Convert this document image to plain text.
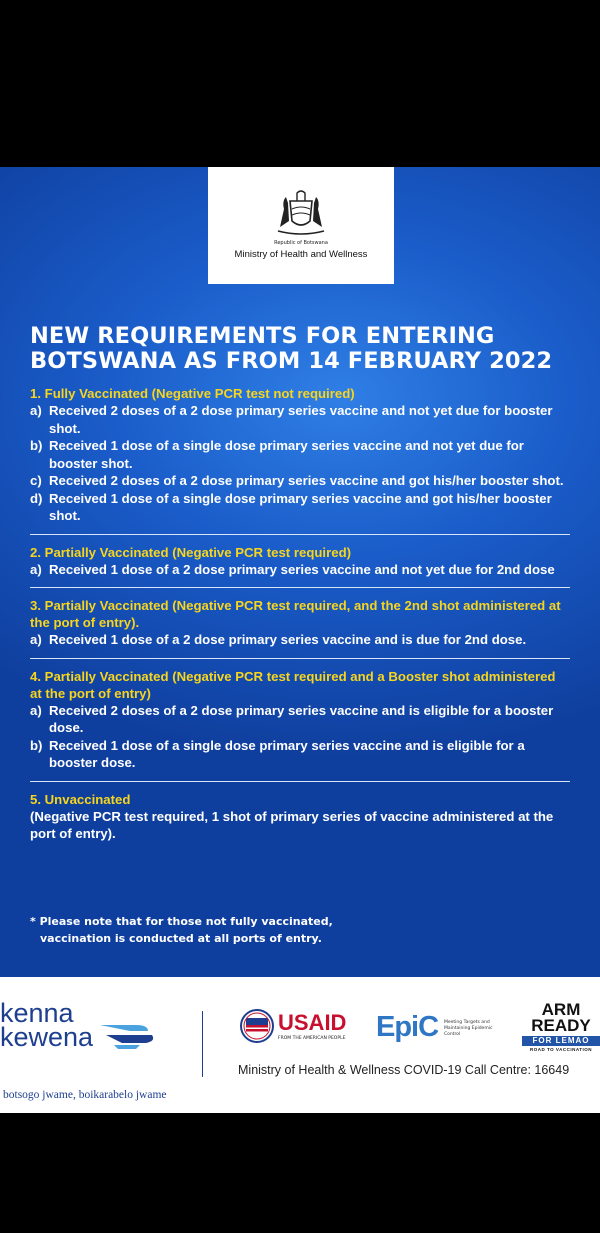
Republic of Botswana
Ministry of Health and Wellness
NEW REQUIREMENTS FOR ENTERING
BOTSWANA AS FROM 14 FEBRUARY 2022
1. Fully Vaccinated (Negative PCR test not required)
a) Received 2 doses of a 2 dose primary series vaccine and not yet due for booster shot.
b) Received 1 dose of a single dose primary series vaccine and not yet due for booster shot.
c) Received 2 doses of a 2 dose primary series vaccine and got his/her booster shot.
d) Received 1 dose of a single dose primary series vaccine and got his/her booster shot.
2. Partially Vaccinated (Negative PCR test required)
a) Received 1 dose of a 2 dose primary series vaccine and not yet due for 2nd dose
3. Partially Vaccinated (Negative PCR test required, and the 2nd shot administered at the port of entry).
a) Received 1 dose of a 2 dose primary series vaccine and is due for 2nd dose.
4. Partially Vaccinated (Negative PCR test required and a Booster shot administered at the port of entry)
a) Received 2 doses of a 2 dose primary series vaccine and is eligible for a booster dose.
b) Received 1 dose of a single dose primary series vaccine and is eligible for a booster dose.
5. Unvaccinated
(Negative PCR test required, 1 shot of primary series of vaccine administered at the port of entry).
* Please note that for those not fully vaccinated,
vaccination is conducted at all ports of entry.
kenna
kewena
botsogo jwame, boikarabelo jwame
USAID
FROM THE AMERICAN PEOPLE EpiC Meeting Targets and Maintaining Epidemic Control
ARM
READY
FOR LEMAO
ROAD TO VACCINATION
Ministry of Health & Wellness COVID-19 Call Centre: 16649
